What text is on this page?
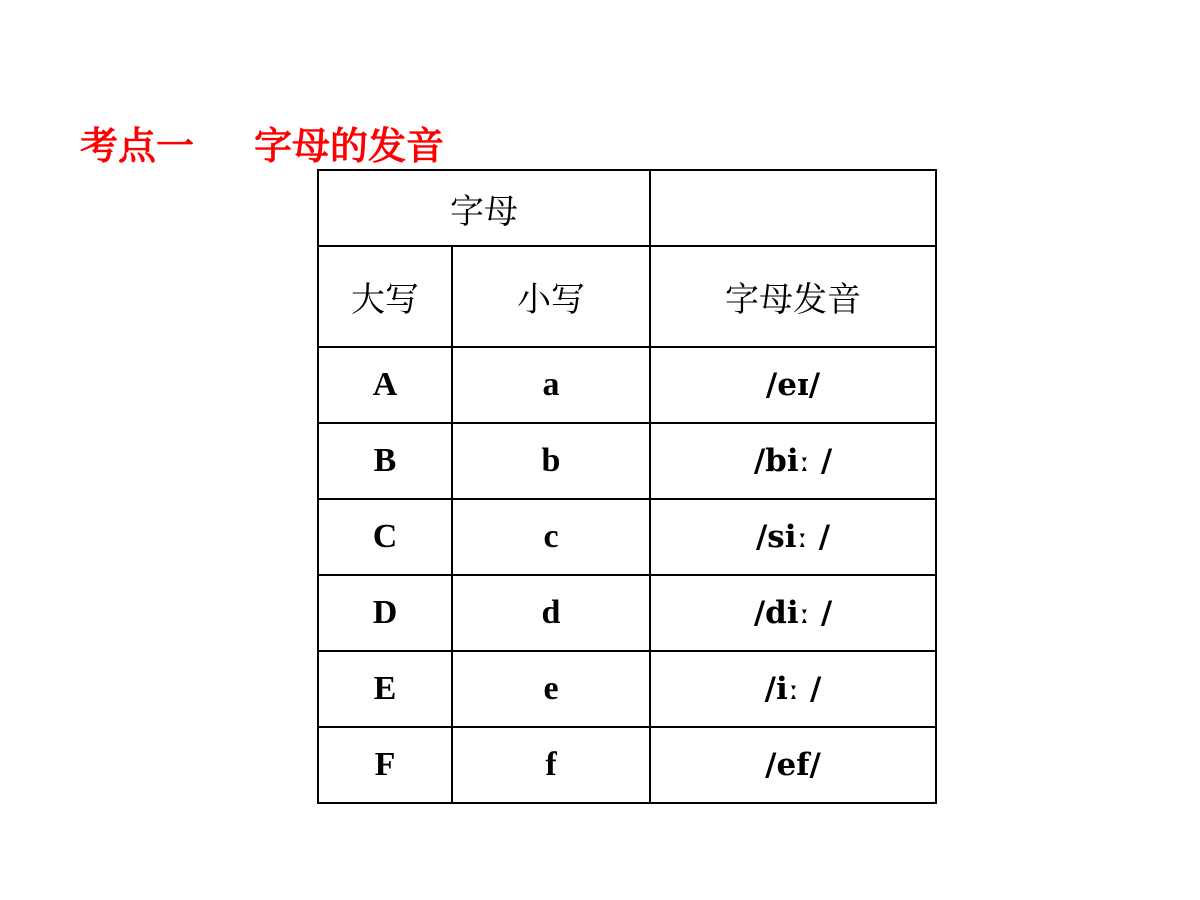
考点一 字母的发音
字母		
大写	小写	字母发音
A	a	/eɪ/
B	b	/biː /
C	c	/siː /
D	d	/diː /
E	e	/iː /
F	f	/ef/
